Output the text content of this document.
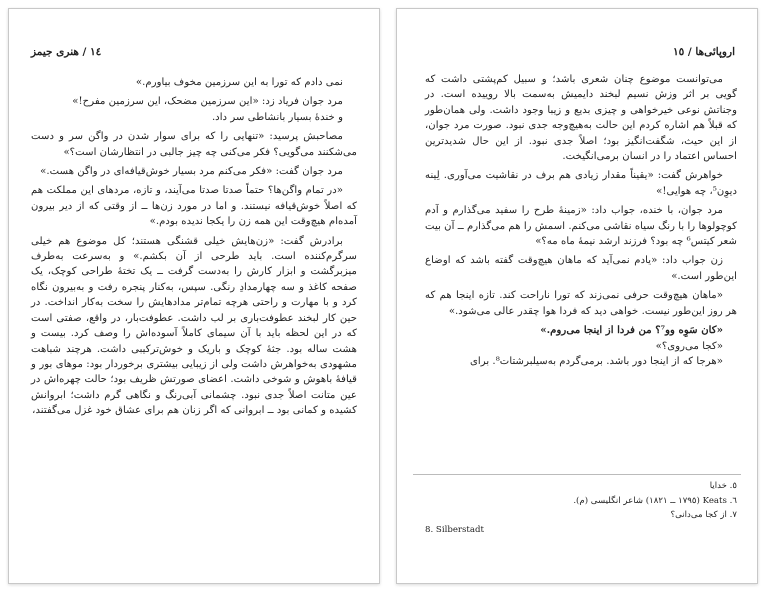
١٤ / هنری جیمز

نمی دادم که تورا به این سرزمین مخوف بیاورم.»

مرد جوان فریاد زد: «این سرزمین مضحک، این سرزمین مفرح!»

و خندهٔ بسیار بانشاطی سر داد.

مصاحبش پرسید: «تنهایی را که برای سوار شدن در واگن سر و دست می‌شکنند می‌گویی؟ فکر می‌کنی چه چیز جالبی در انتظارشان است؟»

مرد جوان گفت: «فکر می‌کنم مرد بسیار خوش‌قیافه‌ای در واگن هست.»

«در تمام واگن‌ها؟ حتماً صدتا صدتا می‌آیند، و تازه، مردهای این مملکت هم که اصلاً خوش‌قیافه نیستند. و اما در مورد زن‌ها ــ از وقتی که از دیر بیرون آمده‌ام هیچ‌وقت این همه زن را یکجا ندیده بودم.»

برادرش گفت: «زن‌هایش خیلی قشنگی هستند؛ کل موضوع هم خیلی سرگرم‌کننده است. باید طرحی از آن بکشم.» و به‌سرعت به‌طرف میزبرگشت و ابزار کارش را به‌دست گرفت ــ یک تختهٔ طراحی کوچک، یک صفحه کاغذ و سه چهارمدادِ رنگی. سپس، به‌کنار پنجره رفت و به‌بیرون نگاه کرد و با مهارت و راحتی هرچه تمام‌تر مدادهایش را سخت به‌کار انداخت. در حین کار لبخند عطوفت‌باری بر لب داشت. عطوفت‌بار، در واقع، صفتی است که در این لحظه باید با آن سیمای کاملاً آسوده‌اش را وصف کرد. بیست و هشت ساله بود. جثهٔ کوچک و باریک و خوش‌ترکیبی داشت. هرچند شباهت مشهودی به‌خواهرش داشت ولی از زیبایی بیشتری برخوردار بود: موهای بور و قیافهٔ باهوش و شوخی داشت. اعضای صورتش ظریف بود؛ حالت چهره‌اش در عین متانت اصلاً جدی نبود. چشمانی آبی‌رنگ و نگاهی گرم داشت؛ ابروانش کشیده و کمانی بود ــ ابروانی که اگر زنان هم برای عشاق خود غزل می‌گفتند،

اروپائی‌ها / ١٥

می‌توانست موضوع چنان شعری باشد؛ و سبیل کم‌پشتی داشت که گویی بر اثر وزش نسیم لبخند دایمیش به‌سمت بالا روییده است. در وجناتش نوعی خیرخواهی و چیزی بدیع و زیبا وجود داشت. ولی همان‌طور که قبلاً هم اشاره کردم این حالت به‌هیچ‌وجه جدی نبود. صورت مرد جوان، از این حیث، شگفت‌انگیز بود؛ اصلاً جدی نبود. از این حال شدیدترین احساس اعتماد را در انسان برمی‌انگیخت.

خواهرش گفت: «یقیناً مقدار زیادی هم برف در نقاشیت می‌آوری. لِینه دیوِن⁵، چه هوایی!»

مرد جوان، با خنده، جواب داد: «زمینهٔ طرح را سفید می‌گذارم و آدم کوچولوها را با رنگ سیاه نقاشی می‌کنم. اسمش را هم می‌گذارم ــ آن بیت شعر کیتس⁶ چه بود؟ فرزند ارشد نیمهٔ ماه مه؟»

زن جواب داد: «یادم نمی‌آید که ماهان هیچ‌وقت گفته باشد که اوضاع این‌طور است.»

«ماهان هیچ‌وقت حرفی نمی‌زند که تورا ناراحت کند. تازه اینجا هم که هر روز این‌طور نیست. خواهی دید که فردا هوا چقدر عالی می‌شود.»

«کان سَوِه وو⁷؟ من فردا از اینجا می‌روم.»

«کجا می‌روی؟»

«هرجا که از اینجا دور باشد. برمی‌گردم به‌سیلبرشتات⁸. برای

٥. خدایا
٦. Keats (١٧٩٥ ــ ١٨٢١) شاعر انگلیسی (م).
٧. از کجا می‌دانی؟
8. Silberstadt
